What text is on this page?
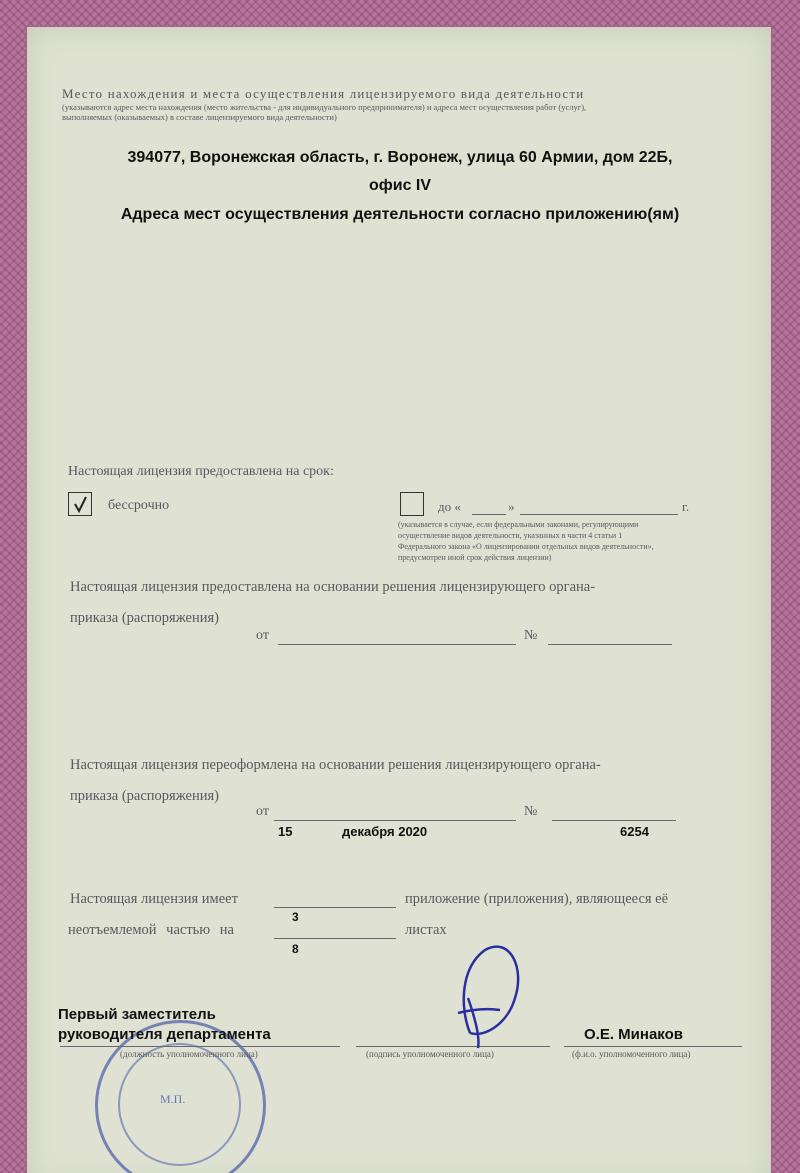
Место нахождения и места осуществления лицензируемого вида деятельности
(указываются адрес места нахождения (место жительства - для индивидуального предпринимателя) и адреса мест осуществления работ (услуг),
выполняемых (оказываемых) в составе лицензируемого вида деятельности)
394077, Воронежская область, г. Воронеж, улица 60 Армии, дом 22Б,
офис IV
Адреса мест осуществления деятельности согласно приложению(ям)
Настоящая лицензия предоставлена на срок:
бессрочно	до «	»	г.
(указывается в случае, если федеральными законами, регулирующими
осуществление видов деятельности, указанных в части 4 статьи 1
Федерального закона «О лицензировании отдельных видов деятельности»,
предусмотрен иной срок действия лицензии)
Настоящая лицензия предоставлена на основании решения лицензирующего органа-
приказа (распоряжения)
от	№
Настоящая лицензия переоформлена на основании решения лицензирующего органа-
приказа (распоряжения)
от	№
15	декабря 2020	6254
Настоящая лицензия имеет	приложение (приложения), являющееся её
3
неотъемлемой частью на	листах
8
М.П.
Первый заместитель
руководителя департамента
(должность уполномоченного лица)	(подпись уполномоченного лица)
О.Е. Минаков
(ф.и.о. уполномоченного лица)
